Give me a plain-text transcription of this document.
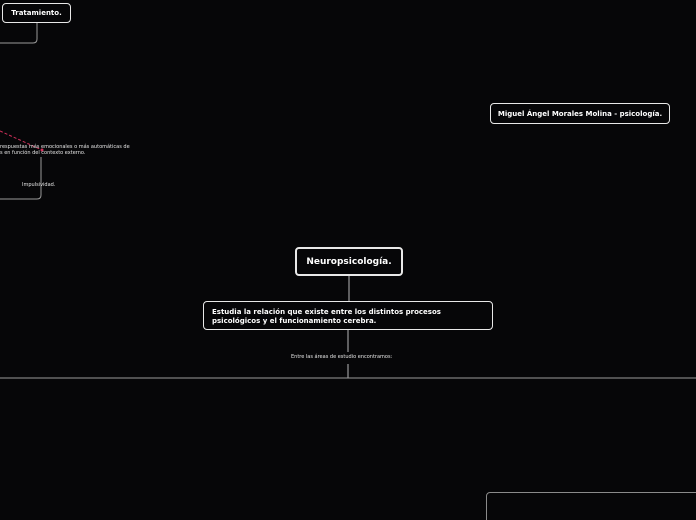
Tratamiento.
respuestas más emocionales o más automáticas de
s en función del contexto externo.
Impulsividad.
Miguel Ángel Morales Molina - psicología.
Neuropsicología.
Estudia la relación que existe entre los distintos procesos psicológicos y el funcionamiento cerebra.
Entre las áreas de estudio encontramos:
